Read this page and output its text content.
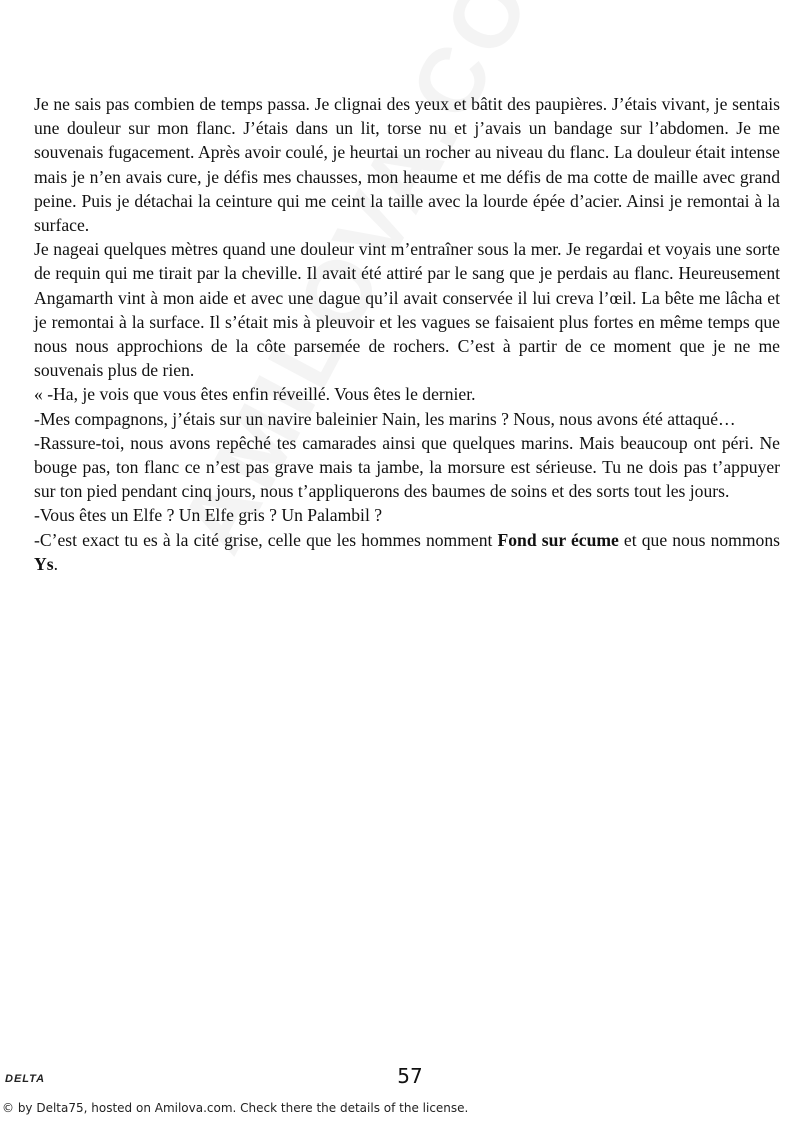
Je ne sais pas combien de temps passa. Je clignai des yeux et bâtit des paupières. J’étais vivant, je sentais une douleur sur mon flanc. J’étais dans un lit, torse nu et j’avais un bandage sur l’abdomen. Je me souvenais fugacement. Après avoir coulé, je heurtai un rocher au niveau du flanc. La douleur était intense mais je n’en avais cure, je défis mes chausses, mon heaume et me défis de ma cotte de maille avec grand peine. Puis je détachai la ceinture qui me ceint la taille avec la lourde épée d’acier. Ainsi je remontai à la surface.

Je nageai quelques mètres quand une douleur vint m’entraîner sous la mer. Je regardai et voyais une sorte de requin qui me tirait par la cheville. Il avait été attiré par le sang que je perdais au flanc. Heureusement Angamarth vint à mon aide et avec une dague qu’il avait conservée il lui creva l’œil. La bête me lâcha et je remontai à la surface. Il s’était mis à pleuvoir et les vagues se faisaient plus fortes en même temps que nous nous approchions de la côte parsemée de rochers. C’est à partir de ce moment que je ne me souvenais plus de rien.

« -Ha, je vois que vous êtes enfin réveillé. Vous êtes le dernier.

-Mes compagnons, j’étais sur un navire baleinier Nain, les marins ? Nous, nous avons été attaqué…

-Rassure-toi, nous avons repêché tes camarades ainsi que quelques marins. Mais beaucoup ont péri. Ne bouge pas, ton flanc ce n’est pas grave mais ta jambe, la morsure est sérieuse. Tu ne dois pas t’appuyer sur ton pied pendant cinq jours, nous t’appliquerons des baumes de soins et des sorts tout les jours.

-Vous êtes un Elfe ? Un Elfe gris ? Un Palambil ?

-C’est exact tu es à la cité grise, celle que les hommes nomment Fond sur écume et que nous nommons Ys.

DELTA	57
© by Delta75, hosted on Amilova.com. Check there the details of the license.
